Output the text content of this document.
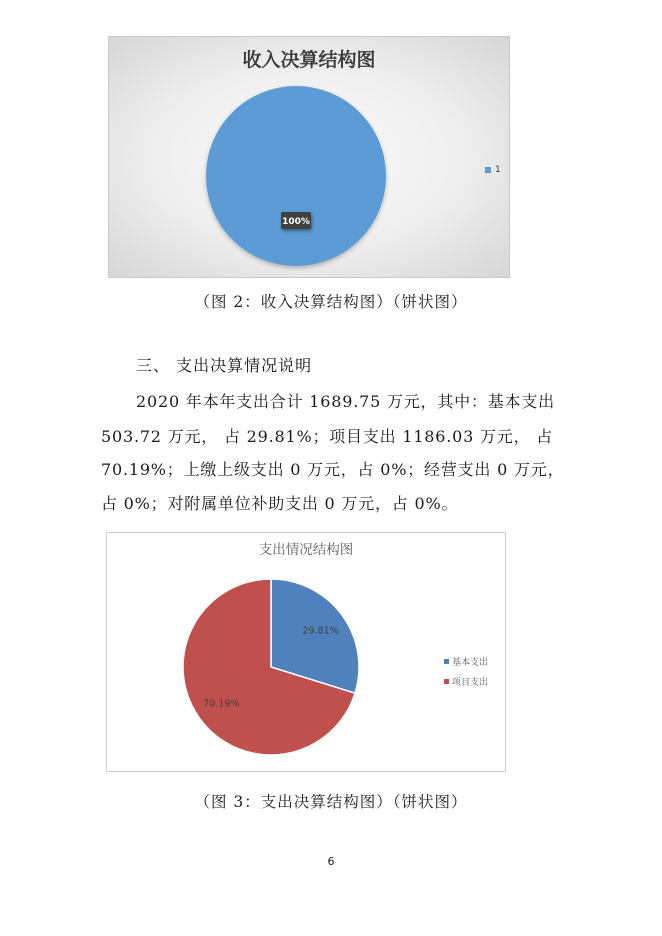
收入决算结构图
100%
1
（图 2：收入决算结构图）（饼状图）
三、 支出决算情况说明
2020 年本年支出合计 1689.75 万元，其中：基本支出
503.72 万元， 占 29.81%；项目支出 1186.03 万元， 占
70.19%；上缴上级支出 0 万元，占 0%；经营支出 0 万元，
占 0%；对附属单位补助支出 0 万元，占 0%。
支出情况结构图
29.81%
70.19%
基本支出
项目支出
（图 3：支出决算结构图）（饼状图）
6
